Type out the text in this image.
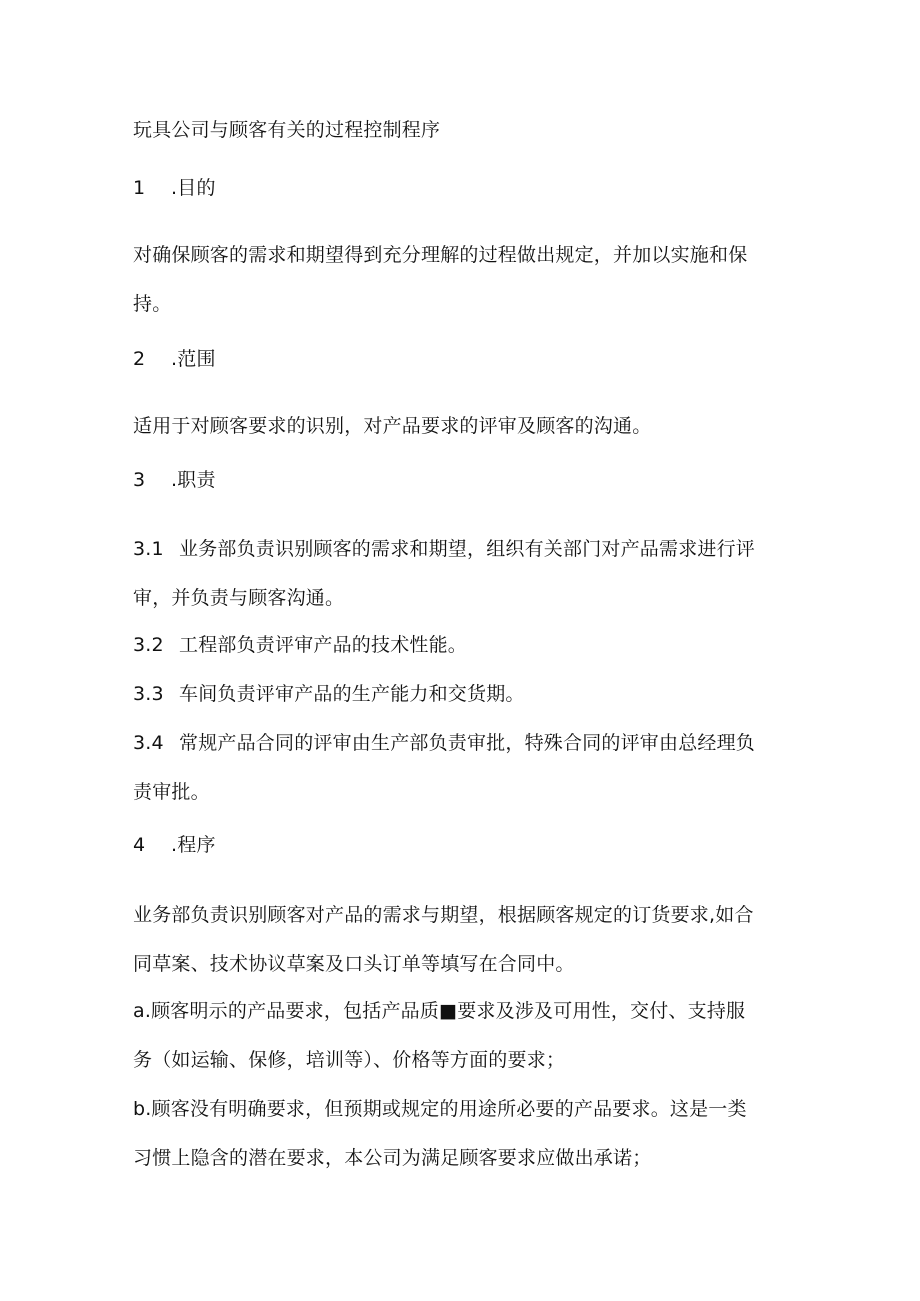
玩具公司与顾客有关的过程控制程序
1 .目的
对确保顾客的需求和期望得到充分理解的过程做出规定，并加以实施和保
持。
2 .范围
适用于对顾客要求的识别，对产品要求的评审及顾客的沟通。
3 .职责
3.1 业务部负责识别顾客的需求和期望，组织有关部门对产品需求进行评
审，并负责与顾客沟通。
3.2 工程部负责评审产品的技术性能。
3.3 车间负责评审产品的生产能力和交货期。
3.4 常规产品合同的评审由生产部负责审批，特殊合同的评审由总经理负
责审批。
4 .程序
业务部负责识别顾客对产品的需求与期望，根据顾客规定的订货要求,如合
同草案、技术协议草案及口头订单等填写在合同中。
a.顾客明示的产品要求，包括产品质■要求及涉及可用性，交付、支持服
务（如运输、保修，培训等）、价格等方面的要求；
b.顾客没有明确要求，但预期或规定的用途所必要的产品要求。这是一类
习惯上隐含的潜在要求，本公司为满足顾客要求应做出承诺；
